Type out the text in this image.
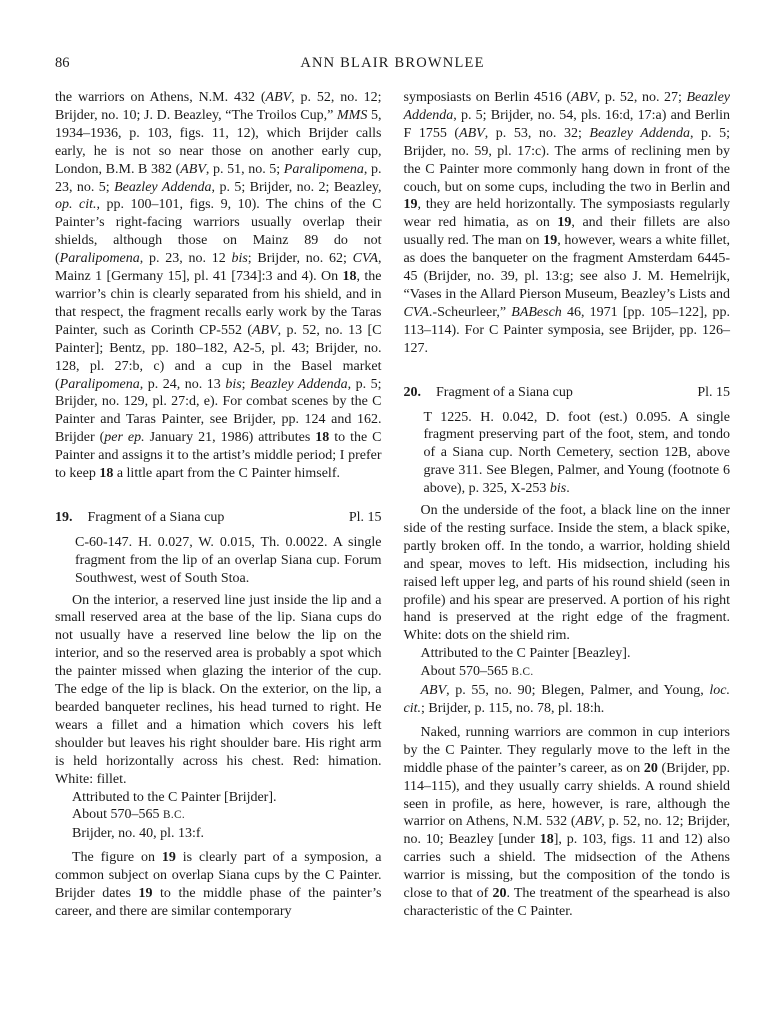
86	ANN BLAIR BROWNLEE
the warriors on Athens, N.M. 432 (ABV, p. 52, no. 12; Brijder, no. 10; J. D. Beazley, “The Troilos Cup,” MMS 5, 1934–1936, p. 103, figs. 11, 12), which Brijder calls early, he is not so near those on another early cup, London, B.M. B 382 (ABV, p. 51, no. 5; Paralipomena, p. 23, no. 5; Beazley Addenda, p. 5; Brijder, no. 2; Beazley, op. cit., pp. 100–101, figs. 9, 10). The chins of the C Painter’s right-facing warriors usually overlap their shields, although those on Mainz 89 do not (Paralipomena, p. 23, no. 12 bis; Brijder, no. 62; CVA, Mainz 1 [Germany 15], pl. 41 [734]:3 and 4). On 18, the warrior’s chin is clearly separated from his shield, and in that respect, the fragment recalls early work by the Taras Painter, such as Corinth CP-552 (ABV, p. 52, no. 13 [C Painter]; Bentz, pp. 180–182, A2-5, pl. 43; Brijder, no. 128, pl. 27:b, c) and a cup in the Basel market (Paralipomena, p. 24, no. 13 bis; Beazley Addenda, p. 5; Brijder, no. 129, pl. 27:d, e). For combat scenes by the C Painter and Taras Painter, see Brijder, pp. 124 and 162. Brijder (per ep. January 21, 1986) attributes 18 to the C Painter and assigns it to the artist’s middle period; I prefer to keep 18 a little apart from the C Painter himself.
19. Fragment of a Siana cup	Pl. 15
C-60-147. H. 0.027, W. 0.015, Th. 0.0022. A single fragment from the lip of an overlap Siana cup. Forum Southwest, west of South Stoa.
On the interior, a reserved line just inside the lip and a small reserved area at the base of the lip. Siana cups do not usually have a reserved line below the lip on the interior, and so the reserved area is probably a spot which the painter missed when glazing the interior of the cup. The edge of the lip is black. On the exterior, on the lip, a bearded banqueter reclines, his head turned to right. He wears a fillet and a himation which covers his left shoulder but leaves his right shoulder bare. His right arm is held horizontally across his chest. Red: himation. White: fillet.
Attributed to the C Painter [Brijder].
About 570–565 B.C.
Brijder, no. 40, pl. 13:f.
The figure on 19 is clearly part of a symposion, a common subject on overlap Siana cups by the C Painter. Brijder dates 19 to the middle phase of the painter’s career, and there are similar contemporary
symposiasts on Berlin 4516 (ABV, p. 52, no. 27; Beazley Addenda, p. 5; Brijder, no. 54, pls. 16:d, 17:a) and Berlin F 1755 (ABV, p. 53, no. 32; Beazley Addenda, p. 5; Brijder, no. 59, pl. 17:c). The arms of reclining men by the C Painter more commonly hang down in front of the couch, but on some cups, including the two in Berlin and 19, they are held horizontally. The symposiasts regularly wear red himatia, as on 19, and their fillets are also usually red. The man on 19, however, wears a white fillet, as does the banqueter on the fragment Amsterdam 6445-45 (Brijder, no. 39, pl. 13:g; see also J. M. Hemelrijk, “Vases in the Allard Pierson Museum, Beazley’s Lists and CVA.-Scheurleer,” BABesch 46, 1971 [pp. 105–122], pp. 113–114). For C Painter symposia, see Brijder, pp. 126–127.
20. Fragment of a Siana cup	Pl. 15
T 1225. H. 0.042, D. foot (est.) 0.095. A single fragment preserving part of the foot, stem, and tondo of a Siana cup. North Cemetery, section 12B, above grave 311. See Blegen, Palmer, and Young (footnote 6 above), p. 325, X-253 bis.
On the underside of the foot, a black line on the inner side of the resting surface. Inside the stem, a black spike, partly broken off. In the tondo, a warrior, holding shield and spear, moves to left. His midsection, including his raised left upper leg, and parts of his round shield (seen in profile) and his spear are preserved. A portion of his right hand is preserved at the right edge of the fragment. White: dots on the shield rim.
Attributed to the C Painter [Beazley].
About 570–565 B.C.
ABV, p. 55, no. 90; Blegen, Palmer, and Young, loc. cit.; Brijder, p. 115, no. 78, pl. 18:h.
Naked, running warriors are common in cup interiors by the C Painter. They regularly move to the left in the middle phase of the painter’s career, as on 20 (Brijder, pp. 114–115), and they usually carry shields. A round shield seen in profile, as here, however, is rare, although the warrior on Athens, N.M. 532 (ABV, p. 52, no. 12; Brijder, no. 10; Beazley [under 18], p. 103, figs. 11 and 12) also carries such a shield. The midsection of the Athens warrior is missing, but the composition of the tondo is close to that of 20. The treatment of the spearhead is also characteristic of the C Painter.
